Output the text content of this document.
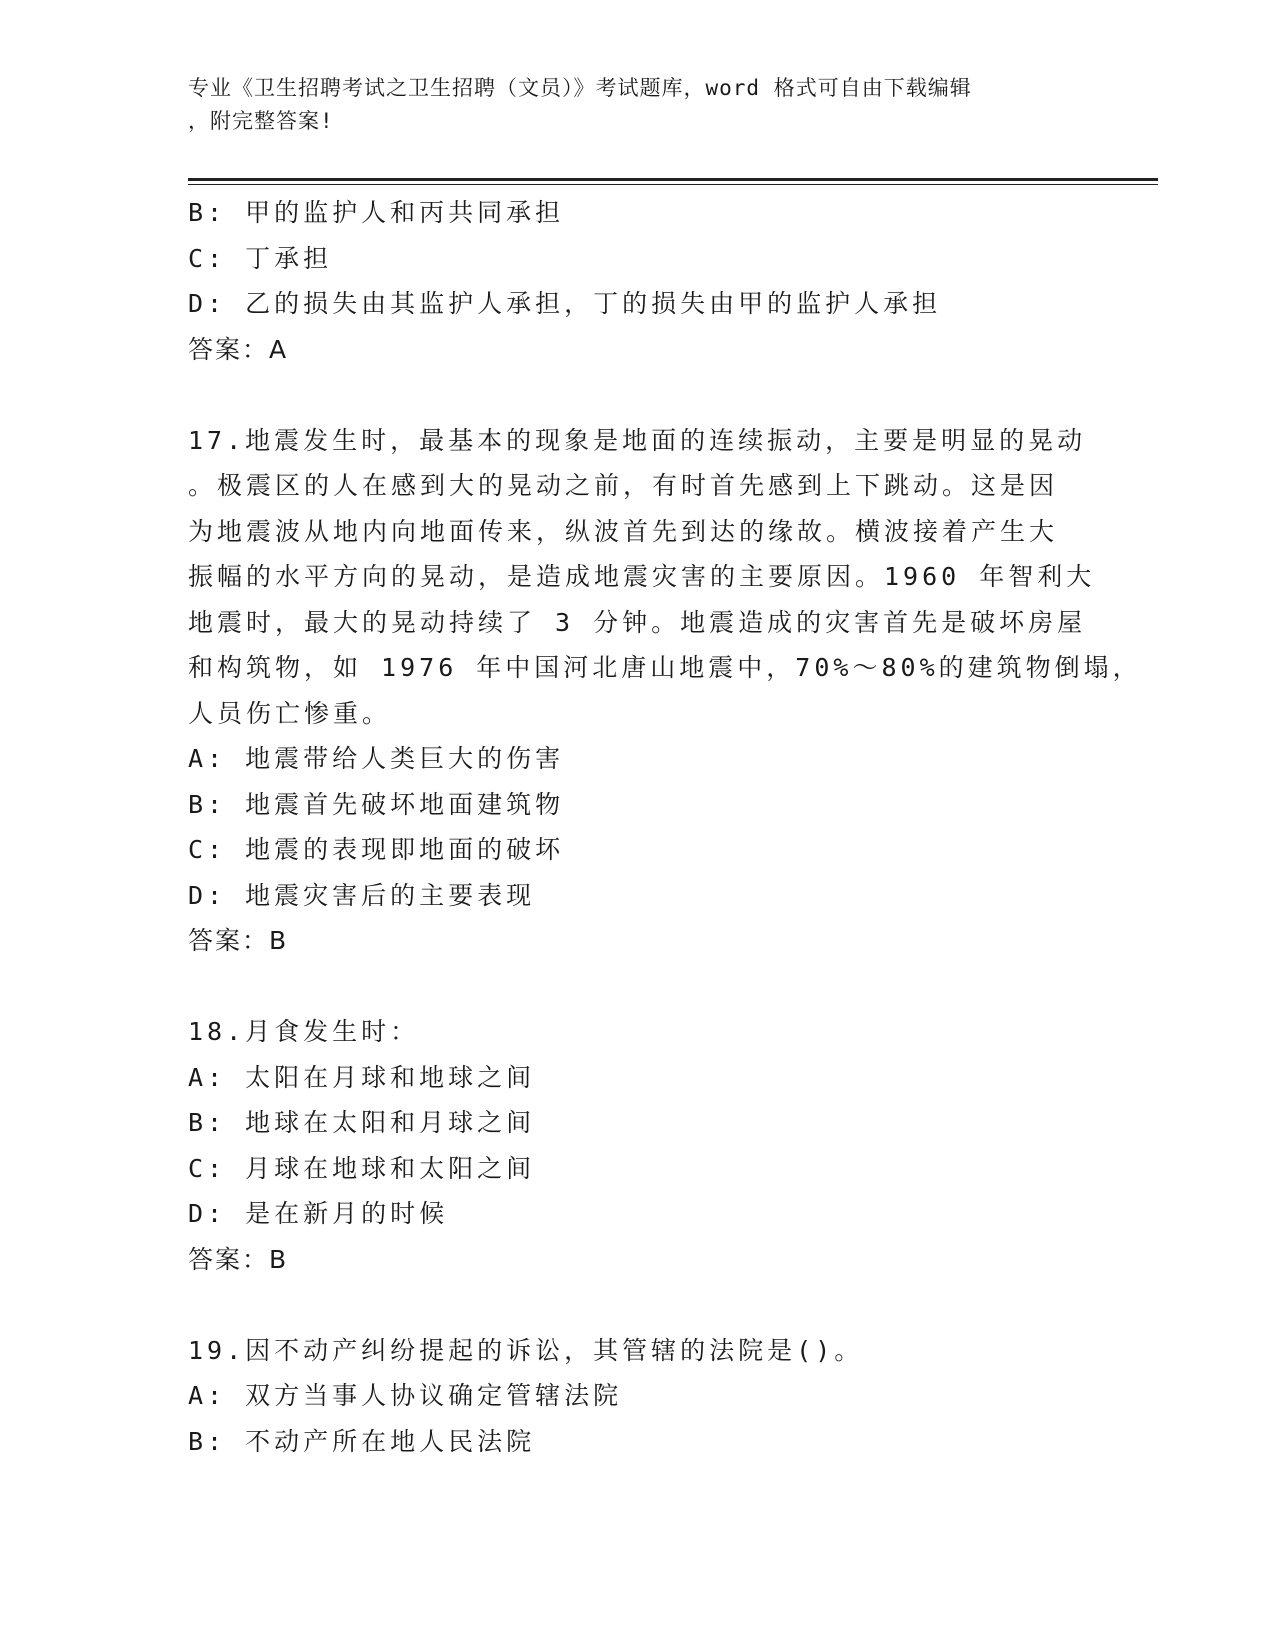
专业《卫生招聘考试之卫生招聘（文员）》考试题库，word 格式可自由下载编辑
，附完整答案!
B: 甲的监护人和丙共同承担
C: 丁承担
D: 乙的损失由其监护人承担，丁的损失由甲的监护人承担
答案：A
17.地震发生时，最基本的现象是地面的连续振动，主要是明显的晃动
。极震区的人在感到大的晃动之前，有时首先感到上下跳动。这是因
为地震波从地内向地面传来，纵波首先到达的缘故。横波接着产生大
振幅的水平方向的晃动，是造成地震灾害的主要原因。1960 年智利大
地震时，最大的晃动持续了 3 分钟。地震造成的灾害首先是破坏房屋
和构筑物，如 1976 年中国河北唐山地震中，70%～80%的建筑物倒塌，
人员伤亡惨重。
A: 地震带给人类巨大的伤害
B: 地震首先破坏地面建筑物
C: 地震的表现即地面的破坏
D: 地震灾害后的主要表现
答案：B
18.月食发生时：
A: 太阳在月球和地球之间
B: 地球在太阳和月球之间
C: 月球在地球和太阳之间
D: 是在新月的时候
答案：B
19.因不动产纠纷提起的诉讼，其管辖的法院是()。
A: 双方当事人协议确定管辖法院
B: 不动产所在地人民法院
